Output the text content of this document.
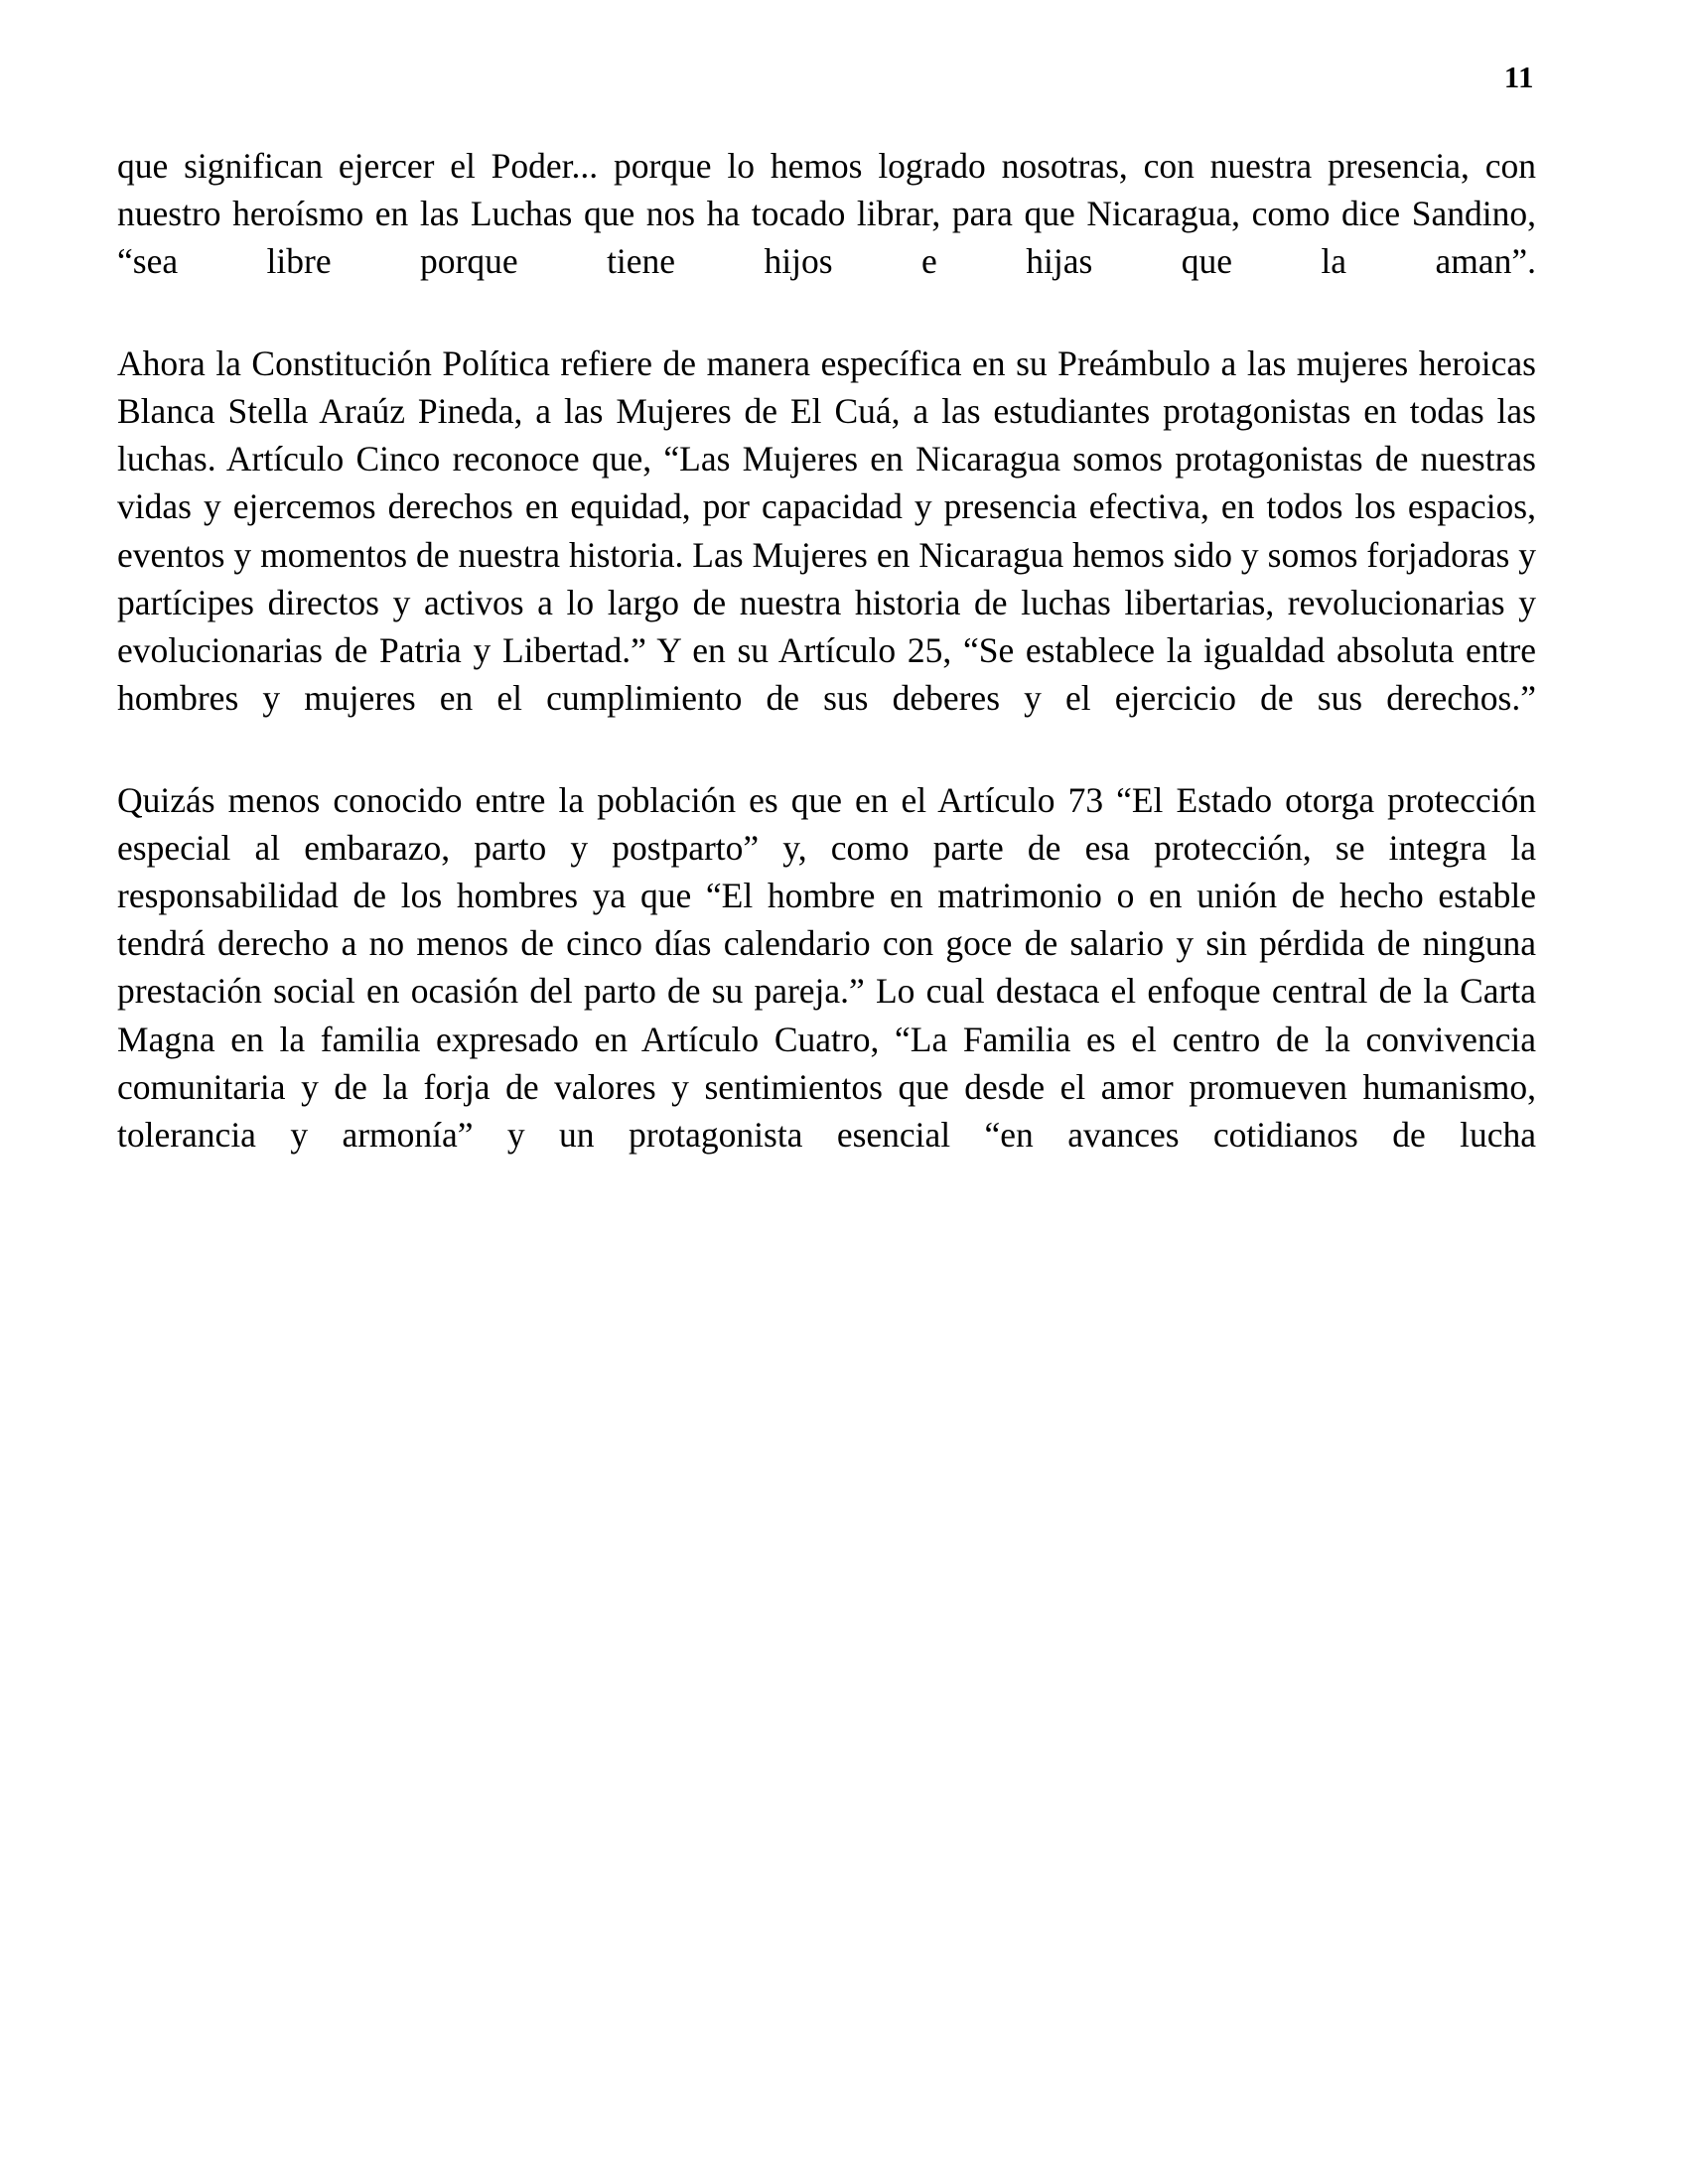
11

que significan ejercer el Poder... porque lo hemos logrado nosotras, con nuestra presencia, con nuestro heroísmo en las Luchas que nos ha tocado librar, para que Nicaragua, como dice Sandino, “sea libre porque tiene hijos e hijas que la aman”.

Ahora la Constitución Política refiere de manera específica en su Preámbulo a las mujeres heroicas Blanca Stella Araúz Pineda, a las Mujeres de El Cuá, a las estudiantes protagonistas en todas las luchas. Artículo Cinco reconoce que, “Las Mujeres en Nicaragua somos protagonistas de nuestras vidas y ejercemos derechos en equidad, por capacidad y presencia efectiva, en todos los espacios, eventos y momentos de nuestra historia. Las Mujeres en Nicaragua hemos sido y somos forjadoras y partícipes directos y activos a lo largo de nuestra historia de luchas libertarias, revolucionarias y evolucionarias de Patria y Libertad.” Y en su Artículo 25, “Se establece la igualdad absoluta entre hombres y mujeres en el cumplimiento de sus deberes y el ejercicio de sus derechos.”

Quizás menos conocido entre la población es que en el Artículo 73 “El Estado otorga protección especial al embarazo, parto y postparto” y, como parte de esa protección, se integra la responsabilidad de los hombres ya que “El hombre en matrimonio o en unión de hecho estable tendrá derecho a no menos de cinco días calendario con goce de salario y sin pérdida de ninguna prestación social en ocasión del parto de su pareja.” Lo cual destaca el enfoque central de la Carta Magna en la familia expresado en Artículo Cuatro, “La Familia es el centro de la convivencia comunitaria y de la forja de valores y sentimientos que desde el amor promueven humanismo, tolerancia y armonía” y un protagonista esencial “en avances cotidianos de lucha
